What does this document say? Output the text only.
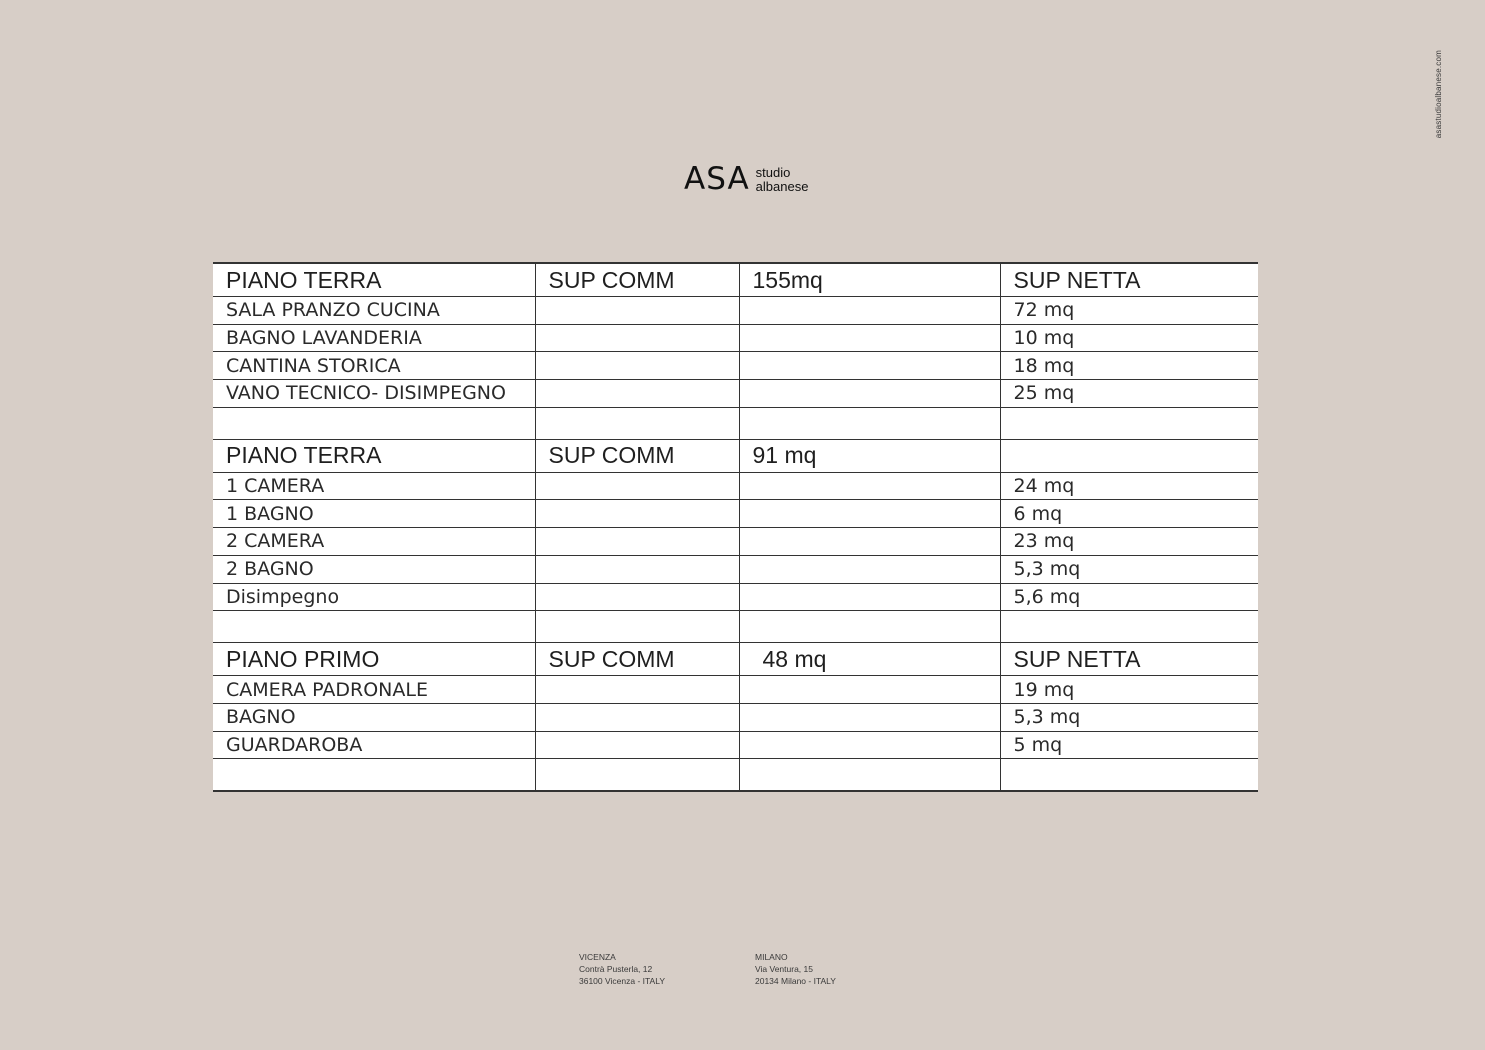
asastudioalbanese.com
ASA studio
albanese
PIANO TERRA	SUP COMM	155mq	SUP NETTA
SALA PRANZO CUCINA			72 mq
BAGNO LAVANDERIA			10 mq
CANTINA STORICA			18 mq
VANO TECNICO- DISIMPEGNO			25 mq

PIANO TERRA	SUP COMM	91 mq	
1 CAMERA			24 mq
1 BAGNO			6 mq
2 CAMERA			23 mq
2 BAGNO			5,3 mq
Disimpegno			5,6 mq

PIANO PRIMO	SUP COMM	48 mq	SUP NETTA
CAMERA PADRONALE			19 mq
BAGNO			5,3 mq
GUARDAROBA			5 mq

VICENZA
Contrà Pusterla, 12
36100 Vicenza - ITALY
MILANO
Via Ventura, 15
20134 Milano - ITALY
